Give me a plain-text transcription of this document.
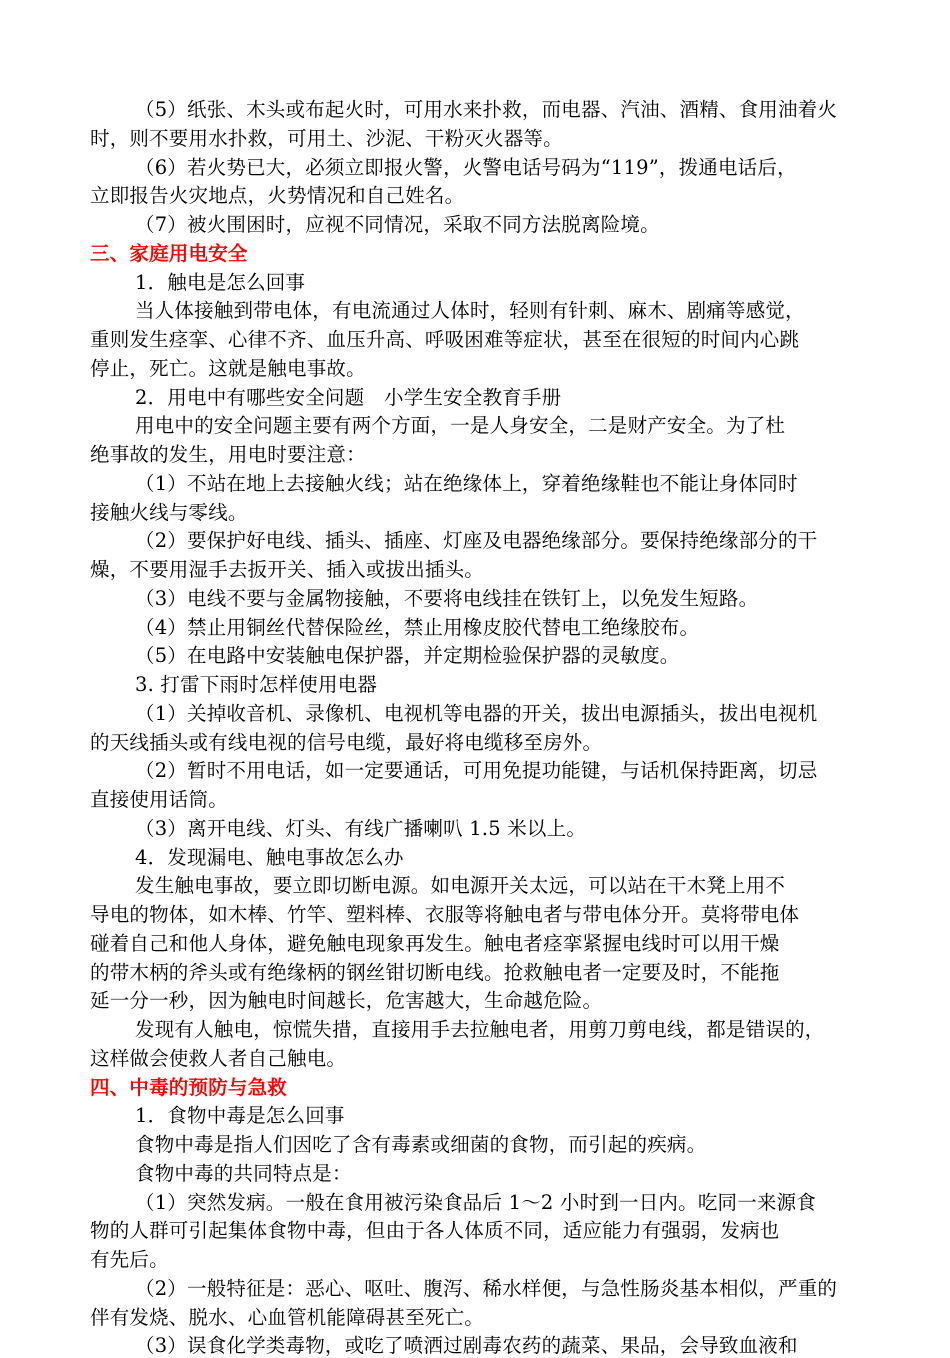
（5）纸张、木头或布起火时，可用水来扑救，而电器、汽油、酒精、食用油着火
时，则不要用水扑救，可用土、沙泥、干粉灭火器等。
（6）若火势已大，必须立即报火警，火警电话号码为“119”，拨通电话后，
立即报告火灾地点，火势情况和自己姓名。
（7）被火围困时，应视不同情况，采取不同方法脱离险境。
三、家庭用电安全
1．触电是怎么回事
当人体接触到带电体，有电流通过人体时，轻则有针刺、麻木、剧痛等感觉，
重则发生痉挛、心律不齐、血压升高、呼吸困难等症状，甚至在很短的时间内心跳
停止，死亡。这就是触电事故。
2．用电中有哪些安全问题　小学生安全教育手册
用电中的安全问题主要有两个方面，一是人身安全，二是财产安全。为了杜
绝事故的发生，用电时要注意：
（1）不站在地上去接触火线；站在绝缘体上，穿着绝缘鞋也不能让身体同时
接触火线与零线。
（2）要保护好电线、插头、插座、灯座及电器绝缘部分。要保持绝缘部分的干
燥，不要用湿手去扳开关、插入或拔出插头。
（3）电线不要与金属物接触，不要将电线挂在铁钉上，以免发生短路。
（4）禁止用铜丝代替保险丝，禁止用橡皮胶代替电工绝缘胶布。
（5）在电路中安装触电保护器，并定期检验保护器的灵敏度。
3. 打雷下雨时怎样使用电器
（1）关掉收音机、录像机、电视机等电器的开关，拔出电源插头，拔出电视机
的天线插头或有线电视的信号电缆，最好将电缆移至房外。
（2）暂时不用电话，如一定要通话，可用免提功能键，与话机保持距离，切忌
直接使用话筒。
（3）离开电线、灯头、有线广播喇叭 1.5 米以上。
4．发现漏电、触电事故怎么办
发生触电事故，要立即切断电源。如电源开关太远，可以站在干木凳上用不
导电的物体，如木棒、竹竿、塑料棒、衣服等将触电者与带电体分开。莫将带电体
碰着自己和他人身体，避免触电现象再发生。触电者痉挛紧握电线时可以用干燥
的带木柄的斧头或有绝缘柄的钢丝钳切断电线。抢救触电者一定要及时，不能拖
延一分一秒，因为触电时间越长，危害越大，生命越危险。
发现有人触电，惊慌失措，直接用手去拉触电者，用剪刀剪电线，都是错误的，
这样做会使救人者自己触电。
四、中毒的预防与急救
1．食物中毒是怎么回事
食物中毒是指人们因吃了含有毒素或细菌的食物，而引起的疾病。
食物中毒的共同特点是：
（1）突然发病。一般在食用被污染食品后 1～2 小时到一日内。吃同一来源食
物的人群可引起集体食物中毒，但由于各人体质不同，适应能力有强弱，发病也
有先后。
（2）一般特征是：恶心、呕吐、腹泻、稀水样便，与急性肠炎基本相似，严重的
伴有发烧、脱水、心血管机能障碍甚至死亡。
（3）误食化学类毒物，或吃了喷洒过剧毒农药的蔬菜、果品，会导致血液和
